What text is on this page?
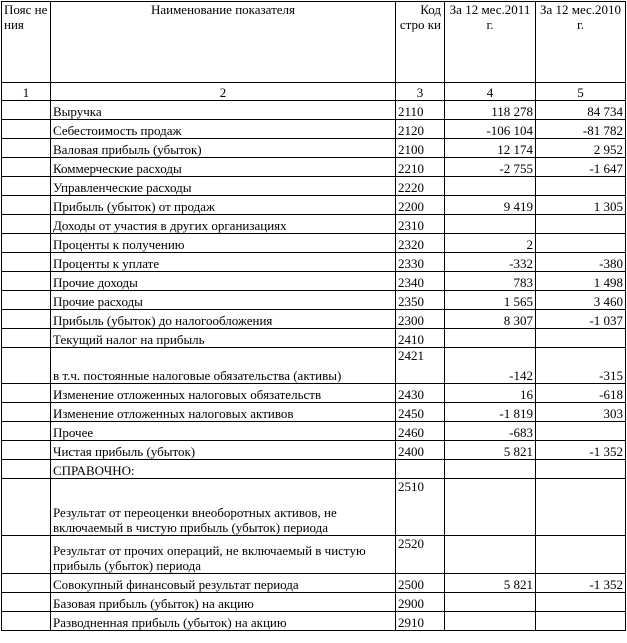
Пояс не ния	Наименование показателя	Код стро ки	За 12 мес.2011 г.	За 12 мес.2010 г.
1	2	3	4	5
	Выручка	2110	118 278	84 734
	Себестоимость продаж	2120	-106 104	-81 782
	Валовая прибыль (убыток)	2100	12 174	2 952
	Коммерческие расходы	2210	-2 755	-1 647
	Управленческие расходы	2220		
	Прибыль (убыток) от продаж	2200	9 419	1 305
	Доходы от участия в других организациях	2310		
	Проценты к получению	2320	2	
	Проценты к уплате	2330	-332	-380
	Прочие доходы	2340	783	1 498
	Прочие расходы	2350	1 565	3 460
	Прибыль (убыток) до налогообложения	2300	8 307	-1 037
	Текущий налог на прибыль	2410		
	в т.ч. постоянные налоговые обязательства (активы)	2421	-142	-315
	Изменение отложенных налоговых обязательств	2430	16	-618
	Изменение отложенных налоговых активов	2450	-1 819	303
	Прочее	2460	-683	
	Чистая прибыль (убыток)	2400	5 821	-1 352
	СПРАВОЧНО:			
	Результат от переоценки внеоборотных активов, не включаемый в чистую прибыль (убыток) периода	2510		
	Результат от прочих операций, не включаемый в чистую прибыль (убыток) периода	2520		
	Совокупный финансовый результат периода	2500	5 821	-1 352
	Базовая прибыль (убыток) на акцию	2900		
	Разводненная прибыль (убыток) на акцию	2910		
